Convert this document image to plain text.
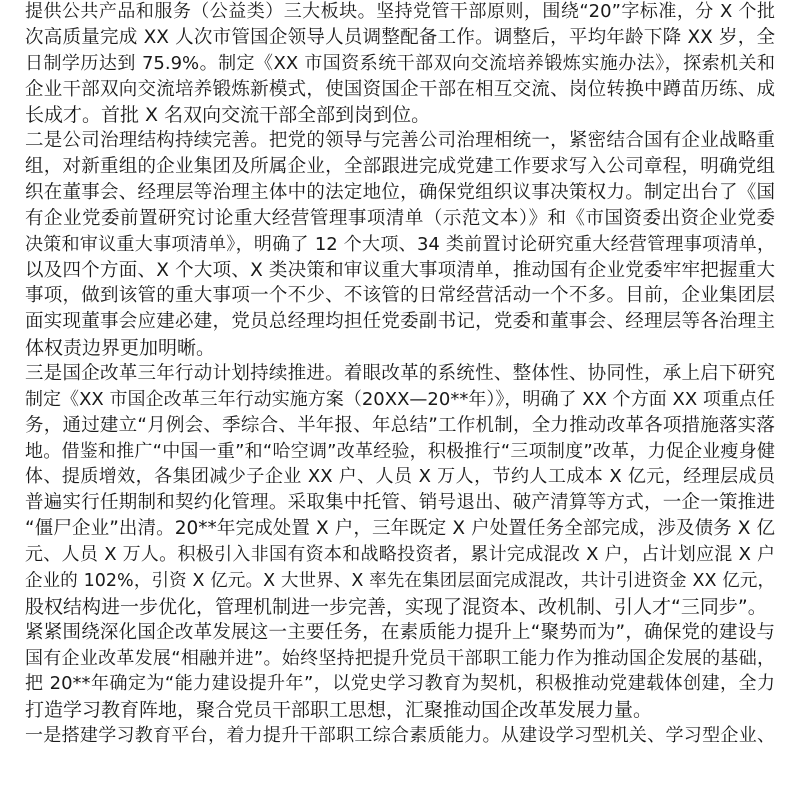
提供公共产品和服务（公益类）三大板块。坚持党管干部原则，围绕“20”字标准，分 X 个批
次高质量完成 XX 人次市管国企领导人员调整配备工作。调整后，平均年龄下降 XX 岁，全
日制学历达到 75.9%。制定《XX 市国资系统干部双向交流培养锻炼实施办法》，探索机关和
企业干部双向交流培养锻炼新模式，使国资国企干部在相互交流、岗位转换中蹲苗历练、成
长成才。首批 X 名双向交流干部全部到岗到位。
二是公司治理结构持续完善。把党的领导与完善公司治理相统一，紧密结合国有企业战略重
组，对新重组的企业集团及所属企业，全部跟进完成党建工作要求写入公司章程，明确党组
织在董事会、经理层等治理主体中的法定地位，确保党组织议事决策权力。制定出台了《国
有企业党委前置研究讨论重大经营管理事项清单（示范文本）》和《市国资委出资企业党委
决策和审议重大事项清单》，明确了 12 个大项、34 类前置讨论研究重大经营管理事项清单，
以及四个方面、X 个大项、X 类决策和审议重大事项清单，推动国有企业党委牢牢把握重大
事项，做到该管的重大事项一个不少、不该管的日常经营活动一个不多。目前，企业集团层
面实现董事会应建必建，党员总经理均担任党委副书记，党委和董事会、经理层等各治理主
体权责边界更加明晰。
三是国企改革三年行动计划持续推进。着眼改革的系统性、整体性、协同性，承上启下研究
制定《XX 市国企改革三年行动实施方案（20XX—20**年）》，明确了 XX 个方面 XX 项重点任
务，通过建立“月例会、季综合、半年报、年总结”工作机制，全力推动改革各项措施落实落
地。借鉴和推广“中国一重”和“哈空调”改革经验，积极推行“三项制度”改革，力促企业瘦身健
体、提质增效，各集团减少子企业 XX 户、人员 X 万人，节约人工成本 X 亿元，经理层成员
普遍实行任期制和契约化管理。采取集中托管、销号退出、破产清算等方式，一企一策推进
“僵尸企业”出清。20**年完成处置 X 户，三年既定 X 户处置任务全部完成，涉及债务 X 亿
元、人员 X 万人。积极引入非国有资本和战略投资者，累计完成混改 X 户，占计划应混 X 户
企业的 102%，引资 X 亿元。X 大世界、X 率先在集团层面完成混改，共计引进资金 XX 亿元，
股权结构进一步优化，管理机制进一步完善，实现了混资本、改机制、引人才“三同步”。
紧紧围绕深化国企改革发展这一主要任务，在素质能力提升上“聚势而为”，确保党的建设与
国有企业改革发展“相融并进”。始终坚持把提升党员干部职工能力作为推动国企发展的基础，
把 20**年确定为“能力建设提升年”，以党史学习教育为契机，积极推动党建载体创建，全力
打造学习教育阵地，聚合党员干部职工思想，汇聚推动国企改革发展力量。
一是搭建学习教育平台，着力提升干部职工综合素质能力。从建设学习型机关、学习型企业、
